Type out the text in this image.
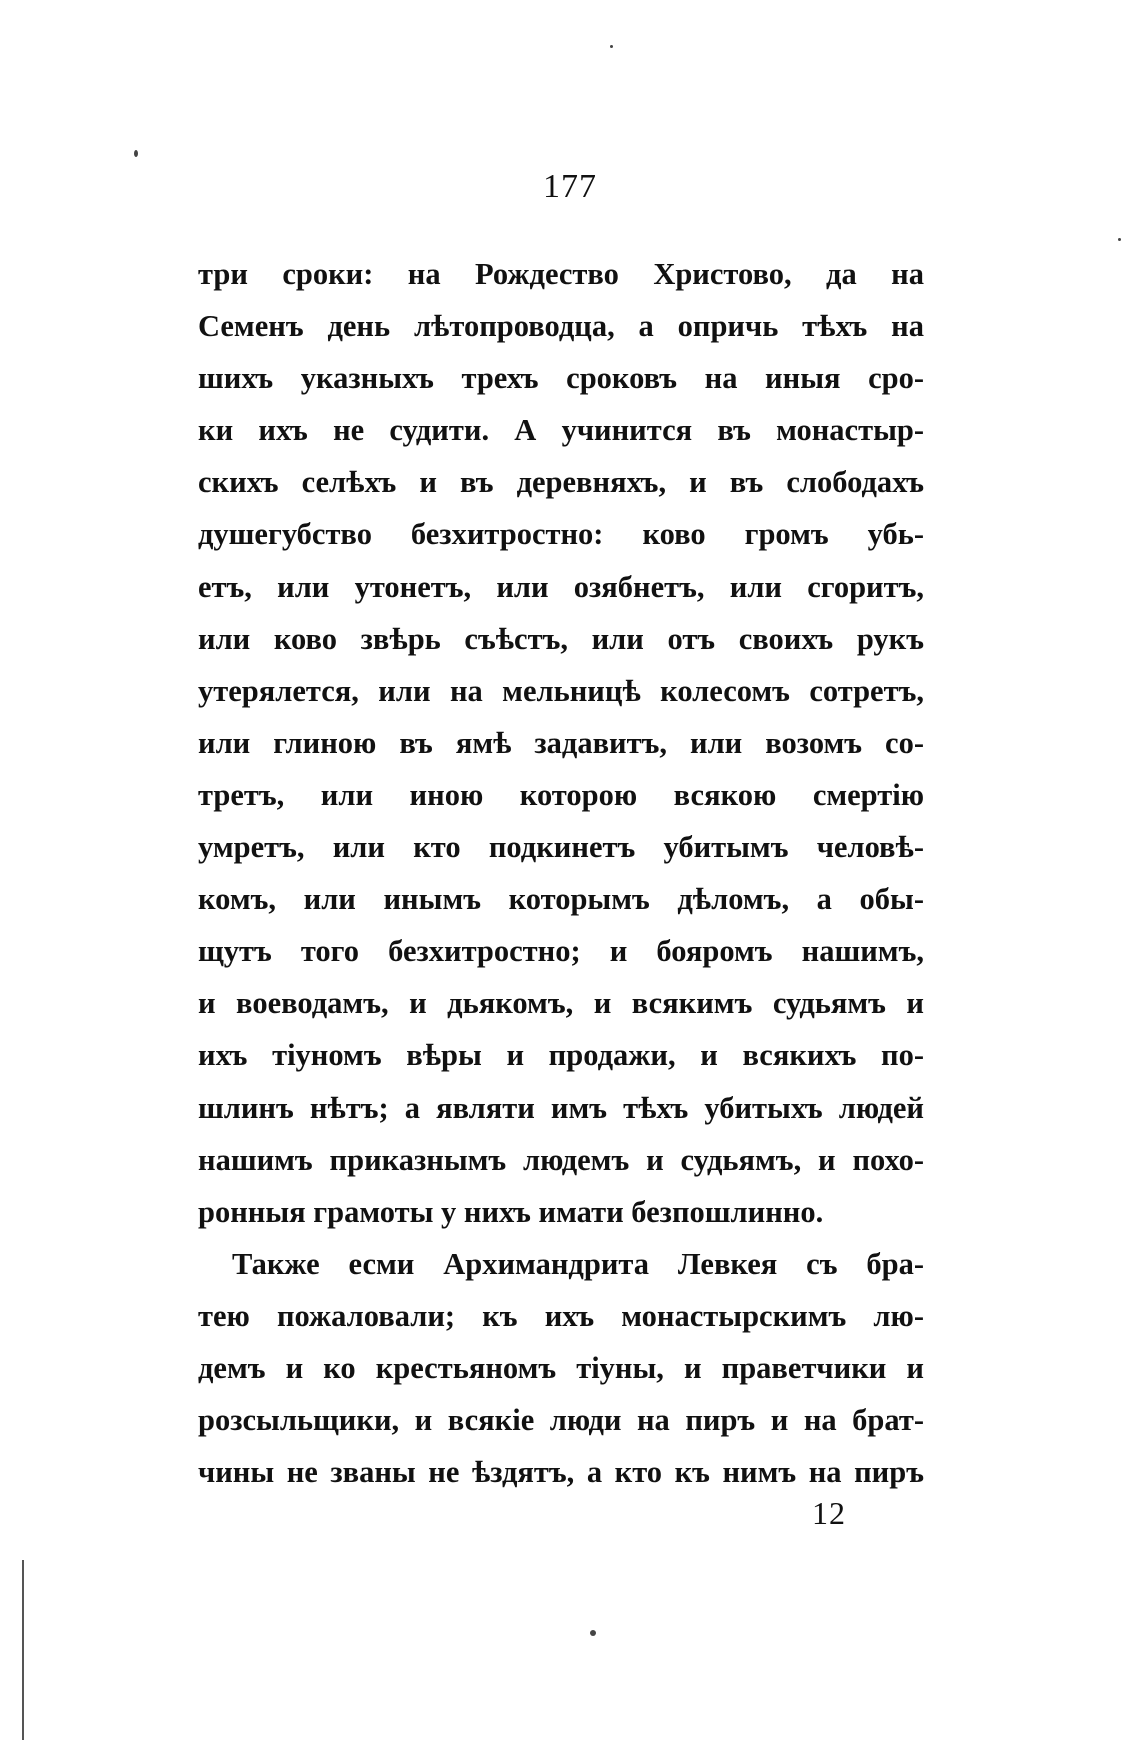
177
три сроки: на Рождество Христово, да на
Семенъ день лѣтопроводца, а опричь тѣхъ на
шихъ указныхъ трехъ сроковъ на иныя сро-
ки ихъ не судити. А учинится въ монастыр-
скихъ селѣхъ и въ деревняхъ, и въ слободахъ
душегубство безхитростно: ково громъ убь-
етъ, или утонетъ, или озябнетъ, или сгоритъ,
или ково звѣрь съѣстъ, или отъ своихъ рукъ
утерялется, или на мельницѣ колесомъ сотретъ,
или глиною въ ямѣ задавитъ, или возомъ со-
третъ, или иною которою всякою смертію
умретъ, или кто подкинетъ убитымъ человѣ-
комъ, или инымъ которымъ дѣломъ, а обы-
щутъ того безхитростно; и бояромъ нашимъ,
и воеводамъ, и дьякомъ, и всякимъ судьямъ и
ихъ тіуномъ вѣры и продажи, и всякихъ по-
шлинъ нѣтъ; а являти имъ тѣхъ убитыхъ людей
нашимъ приказнымъ людемъ и судьямъ, и похо-
ронныя грамоты у нихъ имати безпошлинно.
Также есми Архимандрита Левкея съ бра-
тею пожаловали; къ ихъ монастырскимъ лю-
демъ и ко крестьяномъ тіуны, и праветчики и
розсыльщики, и всякіе люди на пиръ и на брат-
чины не званы не ѣздятъ, а кто къ нимъ на пиръ
12
